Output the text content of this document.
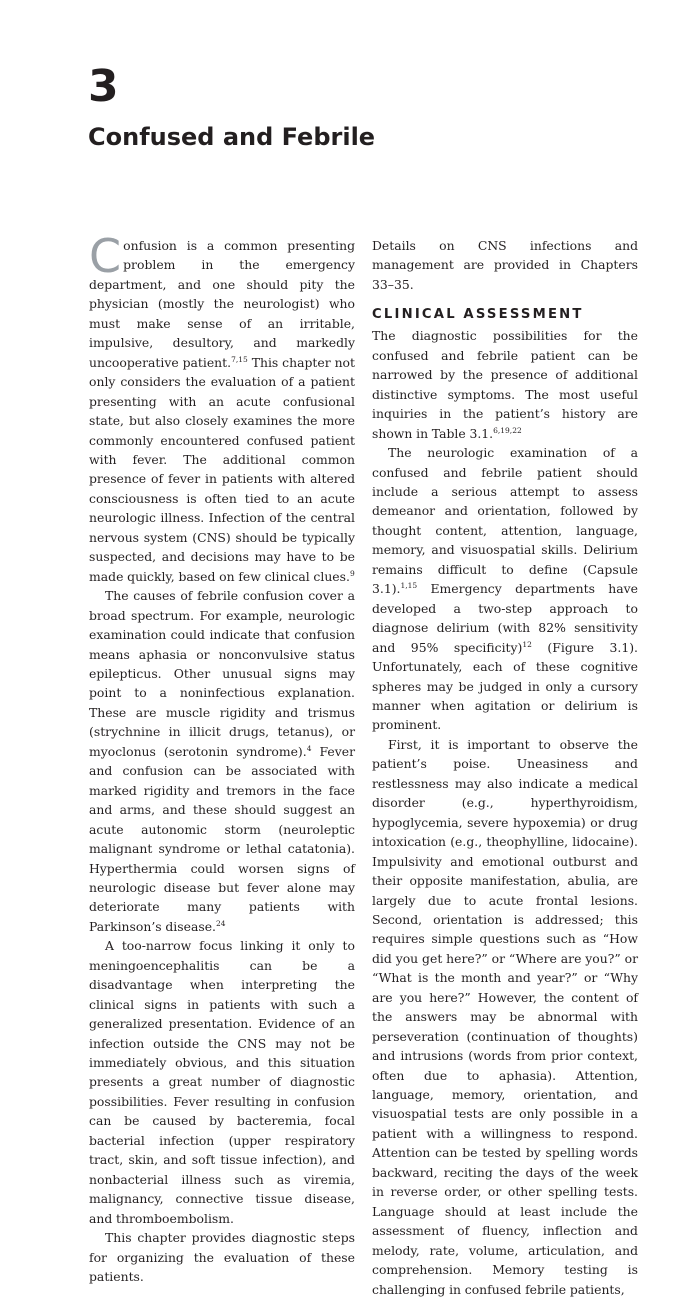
3
Confused and Febrile

Confusion is a common presenting problem in the emergency department, and one should pity the physician (mostly the neurologist) who must make sense of an irritable, impulsive, desultory, and markedly uncooperative patient.$^{7,15}$ This chapter not only considers the evaluation of a patient presenting with an acute confusional state, but also closely examines the more commonly encountered confused patient with fever. The additional common presence of fever in patients with altered consciousness is often tied to an acute neurologic illness. Infection of the central nervous system (CNS) should be typically suspected, and decisions may have to be made quickly, based on few clinical clues.$^9$

The causes of febrile confusion cover a broad spectrum. For example, neurologic examination could indicate that confusion means aphasia or nonconvulsive status epilepticus. Other unusual signs may point to a noninfectious explanation. These are muscle rigidity and trismus (strychnine in illicit drugs, tetanus), or myoclonus (serotonin syndrome).$^4$ Fever and confusion can be associated with marked rigidity and tremors in the face and arms, and these should suggest an acute autonomic storm (neuroleptic malignant syndrome or lethal catatonia). Hyperthermia could worsen signs of neurologic disease but fever alone may deteriorate many patients with Parkinson’s disease.$^{24}$

A too-narrow focus linking it only to meningoencephalitis can be a disadvantage when interpreting the clinical signs in patients with such a generalized presentation. Evidence of an infection outside the CNS may not be immediately obvious, and this situation presents a great number of diagnostic possibilities. Fever resulting in confusion can be caused by bacteremia, focal bacterial infection (upper respiratory tract, skin, and soft tissue infection), and nonbacterial illness such as viremia, malignancy, connective tissue disease, and thromboembolism.

This chapter provides diagnostic steps for organizing the evaluation of these patients.

Details on CNS infections and management are provided in Chapters 33–35.

CLINICAL ASSESSMENT

The diagnostic possibilities for the confused and febrile patient can be narrowed by the presence of additional distinctive symptoms. The most useful inquiries in the patient’s history are shown in Table 3.1.$^{6,19,22}$

The neurologic examination of a confused and febrile patient should include a serious attempt to assess demeanor and orientation, followed by thought content, attention, language, memory, and visuospatial skills. Delirium remains difficult to define (Capsule 3.1).$^{1,15}$ Emergency departments have developed a two-step approach to diagnose delirium (with 82% sensitivity and 95% specificity)$^{12}$ (Figure 3.1). Unfortunately, each of these cognitive spheres may be judged in only a cursory manner when agitation or delirium is prominent.

First, it is important to observe the patient’s poise. Uneasiness and restlessness may also indicate a medical disorder (e.g., hyperthyroidism, hypoglycemia, severe hypoxemia) or drug intoxication (e.g., theophylline, lidocaine). Impulsivity and emotional outburst and their opposite manifestation, abulia, are largely due to acute frontal lesions. Second, orientation is addressed; this requires simple questions such as “How did you get here?” or “Where are you?” or “What is the month and year?” or “Why are you here?” However, the content of the answers may be abnormal with perseveration (continuation of thoughts) and intrusions (words from prior context, often due to aphasia). Attention, language, memory, orientation, and visuospatial tests are only possible in a patient with a willingness to respond. Attention can be tested by spelling words backward, reciting the days of the week in reverse order, or other spelling tests. Language should at least include the assessment of fluency, inflection and melody, rate, volume, articulation, and comprehension. Memory testing is challenging in confused febrile patients,
